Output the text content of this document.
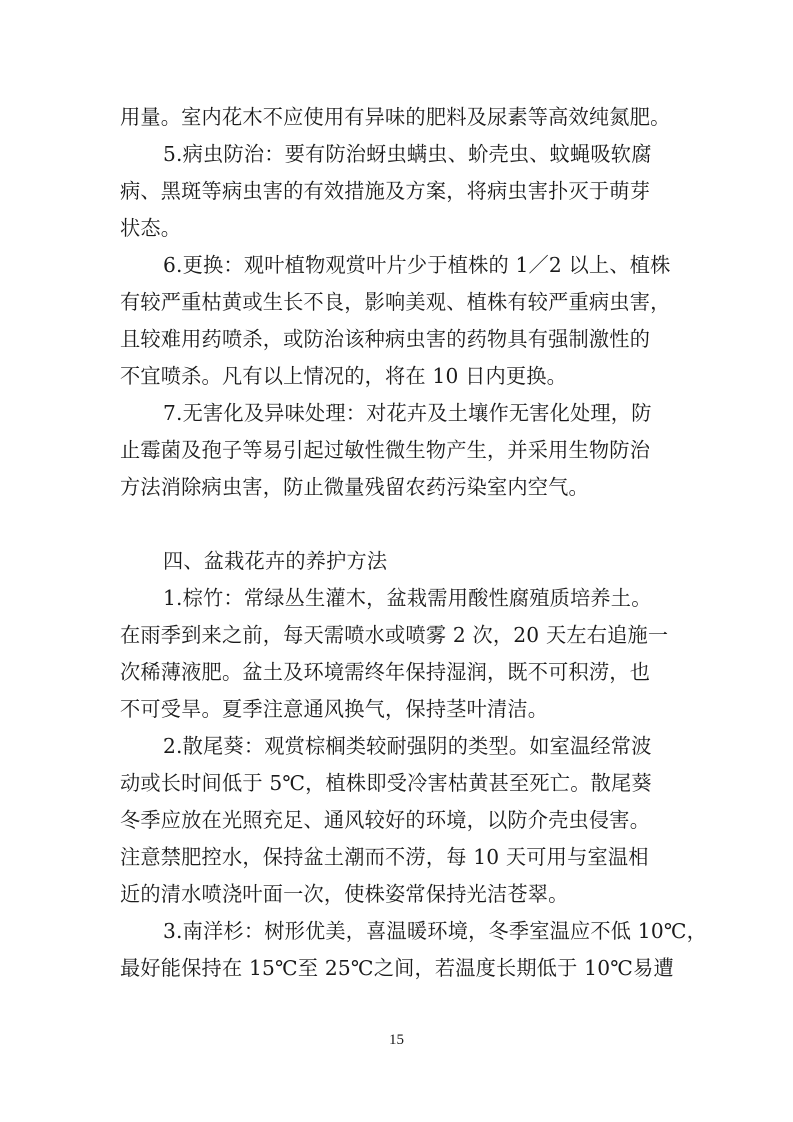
用量。室内花木不应使用有异味的肥料及尿素等高效纯氮肥。
5.病虫防治：要有防治蚜虫螨虫、蚧壳虫、蚊蝇吸软腐
病、黑斑等病虫害的有效措施及方案，将病虫害扑灭于萌芽
状态。
6.更换：观叶植物观赏叶片少于植株的 1／2 以上、植株
有较严重枯黄或生长不良，影响美观、植株有较严重病虫害，
且较难用药喷杀，或防治该种病虫害的药物具有强制激性的
不宜喷杀。凡有以上情况的，将在 10 日内更换。
7.无害化及异味处理：对花卉及土壤作无害化处理，防
止霉菌及孢子等易引起过敏性微生物产生，并采用生物防治
方法消除病虫害，防止微量残留农药污染室内空气。
四、盆栽花卉的养护方法
1.棕竹：常绿丛生灌木，盆栽需用酸性腐殖质培养土。
在雨季到来之前，每天需喷水或喷雾 2 次，20 天左右追施一
次稀薄液肥。盆土及环境需终年保持湿润，既不可积涝，也
不可受旱。夏季注意通风换气，保持茎叶清洁。
2.散尾葵：观赏棕榈类较耐强阴的类型。如室温经常波
动或长时间低于 5℃，植株即受冷害枯黄甚至死亡。散尾葵
冬季应放在光照充足、通风较好的环境，以防介壳虫侵害。
注意禁肥控水，保持盆土潮而不涝，每 10 天可用与室温相
近的清水喷浇叶面一次，使株姿常保持光洁苍翠。
3.南洋杉：树形优美，喜温暖环境，冬季室温应不低 10℃，
最好能保持在 15℃至 25℃之间，若温度长期低于 10℃易遭
15
